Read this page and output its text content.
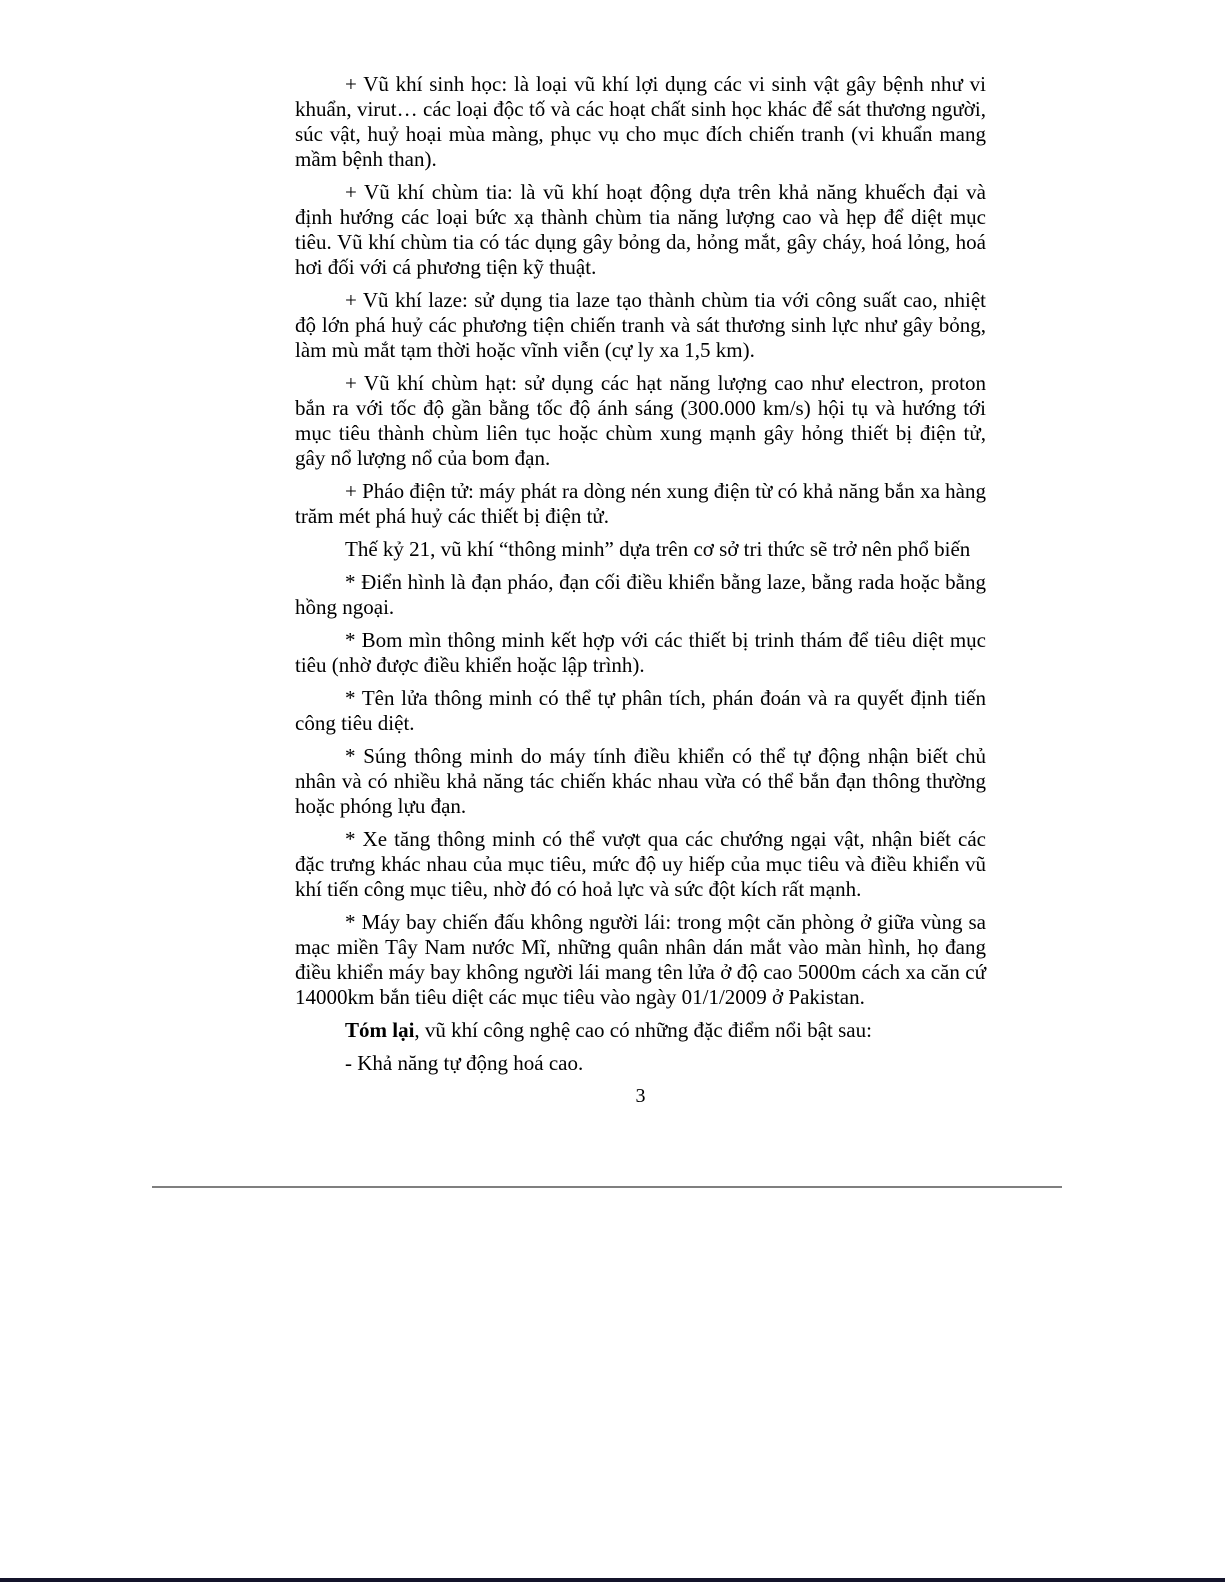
+ Vũ khí sinh học: là loại vũ khí lợi dụng các vi sinh vật gây bệnh như vi khuẩn, virut… các loại độc tố và các hoạt chất sinh học khác để sát thương người, súc vật, huỷ hoại mùa màng, phục vụ cho mục đích chiến tranh (vi khuẩn mang mầm bệnh than).

+ Vũ khí chùm tia: là vũ khí hoạt động dựa trên khả năng khuếch đại và định hướng các loại bức xạ thành chùm tia năng lượng cao và hẹp để diệt mục tiêu. Vũ khí chùm tia có tác dụng gây bỏng da, hỏng mắt, gây cháy, hoá lỏng, hoá hơi đối với cá phương tiện kỹ thuật.

+ Vũ khí laze: sử dụng tia laze tạo thành chùm tia với công suất cao, nhiệt độ lớn phá huỷ các phương tiện chiến tranh và sát thương sinh lực như gây bỏng, làm mù mắt tạm thời hoặc vĩnh viễn (cự ly xa 1,5 km).

+ Vũ khí chùm hạt: sử dụng các hạt năng lượng cao như electron, proton bắn ra với tốc độ gần bằng tốc độ ánh sáng (300.000 km/s) hội tụ và hướng tới mục tiêu thành chùm liên tục hoặc chùm xung mạnh gây hỏng thiết bị điện tử, gây nổ lượng nổ của bom đạn.

+ Pháo điện tử: máy phát ra dòng nén xung điện từ có khả năng bắn xa hàng trăm mét phá huỷ các thiết bị điện tử.

Thế kỷ 21, vũ khí “thông minh” dựa trên cơ sở tri thức sẽ trở nên phổ biến

* Điển hình là đạn pháo, đạn cối điều khiển bằng laze, bằng rada hoặc bằng hồng ngoại.

* Bom mìn thông minh kết hợp với các thiết bị trinh thám để tiêu diệt mục tiêu (nhờ được điều khiển hoặc lập trình).

* Tên lửa thông minh có thể tự phân tích, phán đoán và ra quyết định tiến công tiêu diệt.

* Súng thông minh do máy tính điều khiển có thể tự động nhận biết chủ nhân và có nhiều khả năng tác chiến khác nhau vừa có thể bắn đạn thông thường hoặc phóng lựu đạn.

* Xe tăng thông minh có thể vượt qua các chướng ngại vật, nhận biết các đặc trưng khác nhau của mục tiêu, mức độ uy hiếp của mục tiêu và điều khiển vũ khí tiến công mục tiêu, nhờ đó có hoả lực và sức đột kích rất mạnh.

* Máy bay chiến đấu không người lái: trong một căn phòng ở giữa vùng sa mạc miền Tây Nam nước Mĩ, những quân nhân dán mắt vào màn hình, họ đang điều khiển máy bay không người lái mang tên lửa ở độ cao 5000m cách xa căn cứ 14000km bắn tiêu diệt các mục tiêu vào ngày 01/1/2009 ở Pakistan.

Tóm lại, vũ khí công nghệ cao có những đặc điểm nổi bật sau:

- Khả năng tự động hoá cao.

3
